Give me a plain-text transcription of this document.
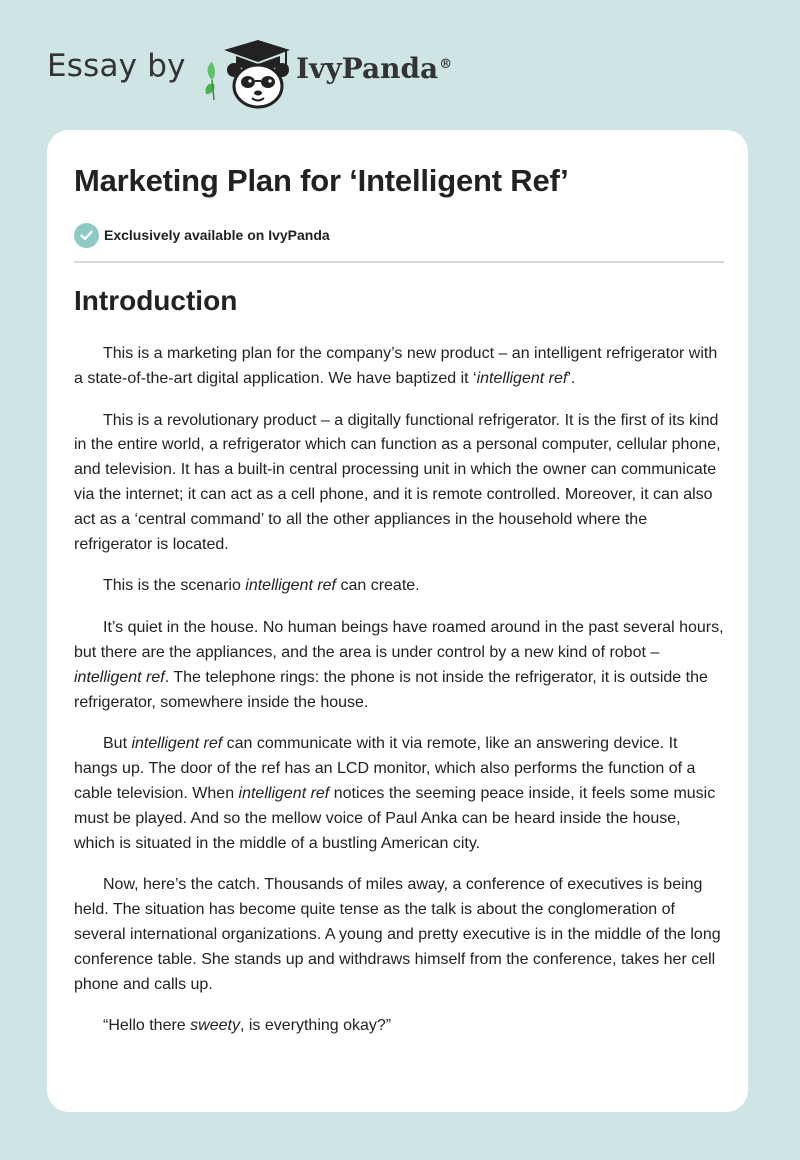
Essay by	IvyPanda®
Marketing Plan for ‘Intelligent Ref’
Exclusively available on IvyPanda
Introduction

This is a marketing plan for the company’s new product – an intelligent refrigerator with a state-of-the-art digital application. We have baptized it ‘intelligent ref’.

This is a revolutionary product – a digitally functional refrigerator. It is the first of its kind in the entire world, a refrigerator which can function as a personal computer, cellular phone, and television. It has a built-in central processing unit in which the owner can communicate via the internet; it can act as a cell phone, and it is remote controlled. Moreover, it can also act as a ‘central command’ to all the other appliances in the household where the refrigerator is located.

This is the scenario intelligent ref can create.

It’s quiet in the house. No human beings have roamed around in the past several hours, but there are the appliances, and the area is under control by a new kind of robot – intelligent ref. The telephone rings: the phone is not inside the refrigerator, it is outside the refrigerator, somewhere inside the house.

But intelligent ref can communicate with it via remote, like an answering device. It hangs up. The door of the ref has an LCD monitor, which also performs the function of a cable television. When intelligent ref notices the seeming peace inside, it feels some music must be played. And so the mellow voice of Paul Anka can be heard inside the house, which is situated in the middle of a bustling American city.

Now, here’s the catch. Thousands of miles away, a conference of executives is being held. The situation has become quite tense as the talk is about the conglomeration of several international organizations. A young and pretty executive is in the middle of the long conference table. She stands up and withdraws himself from the conference, takes her cell phone and calls up.

“Hello there sweety, is everything okay?”
